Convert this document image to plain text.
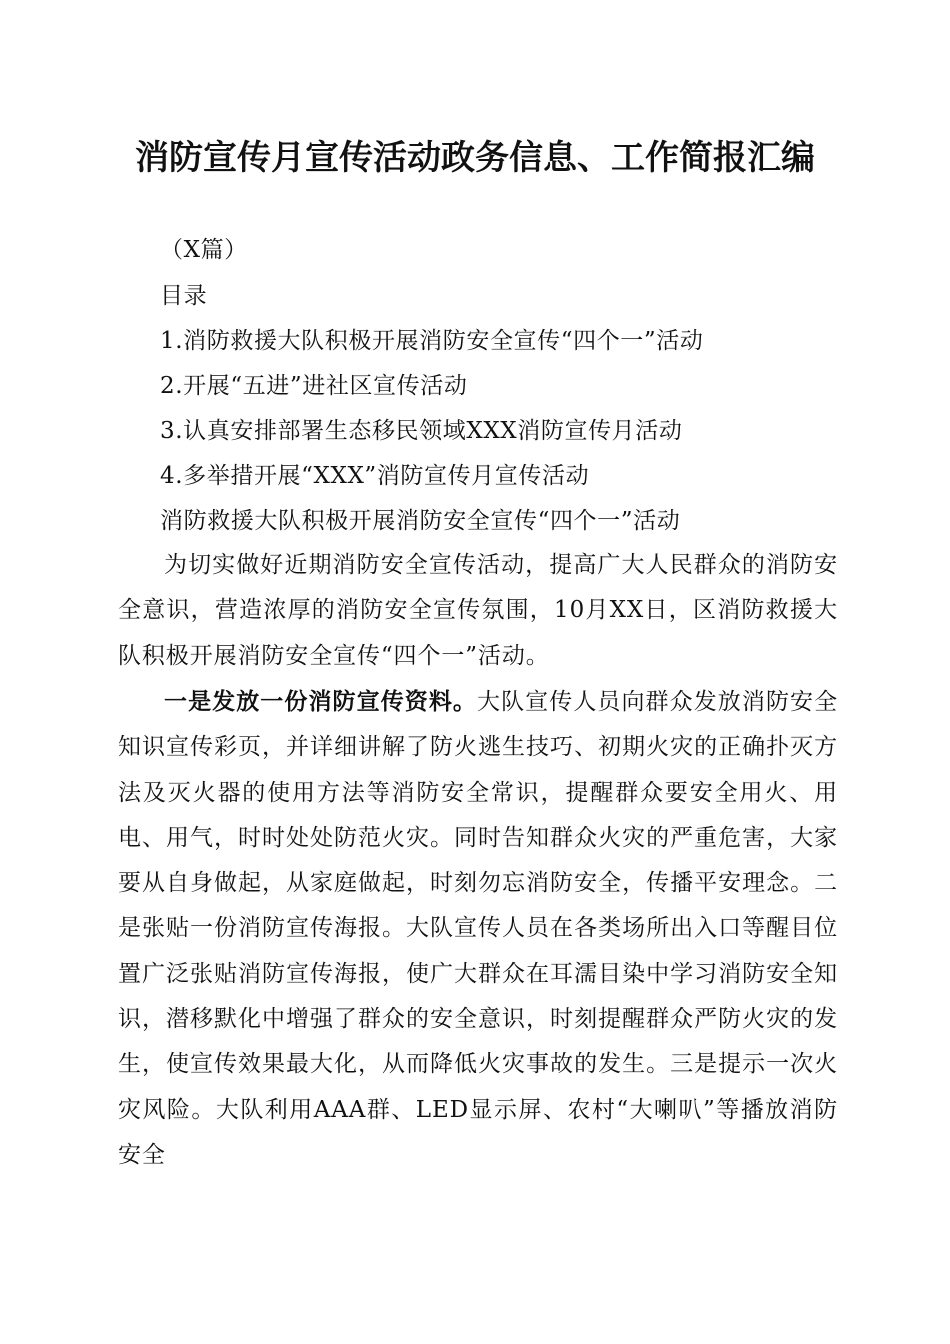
消防宣传月宣传活动政务信息、工作简报汇编
（X篇）
目录
1.消防救援大队积极开展消防安全宣传“四个一”活动
2.开展“五进”进社区宣传活动
3.认真安排部署生态移民领域XXX消防宣传月活动
4.多举措开展“XXX”消防宣传月宣传活动
消防救援大队积极开展消防安全宣传“四个一”活动
为切实做好近期消防安全宣传活动，提高广大人民群众的消防安全意识，营造浓厚的消防安全宣传氛围，10月XX日，区消防救援大队积极开展消防安全宣传“四个一”活动。
一是发放一份消防宣传资料。大队宣传人员向群众发放消防安全知识宣传彩页，并详细讲解了防火逃生技巧、初期火灾的正确扑灭方法及灭火器的使用方法等消防安全常识，提醒群众要安全用火、用电、用气，时时处处防范火灾。同时告知群众火灾的严重危害，大家要从自身做起，从家庭做起，时刻勿忘消防安全，传播平安理念。二是张贴一份消防宣传海报。大队宣传人员在各类场所出入口等醒目位置广泛张贴消防宣传海报，使广大群众在耳濡目染中学习消防安全知识，潜移默化中增强了群众的安全意识，时刻提醒群众严防火灾的发生，使宣传效果最大化，从而降低火灾事故的发生。三是提示一次火灾风险。大队利用AAA群、LED显示屏、农村“大喇叭”等播放消防安全
